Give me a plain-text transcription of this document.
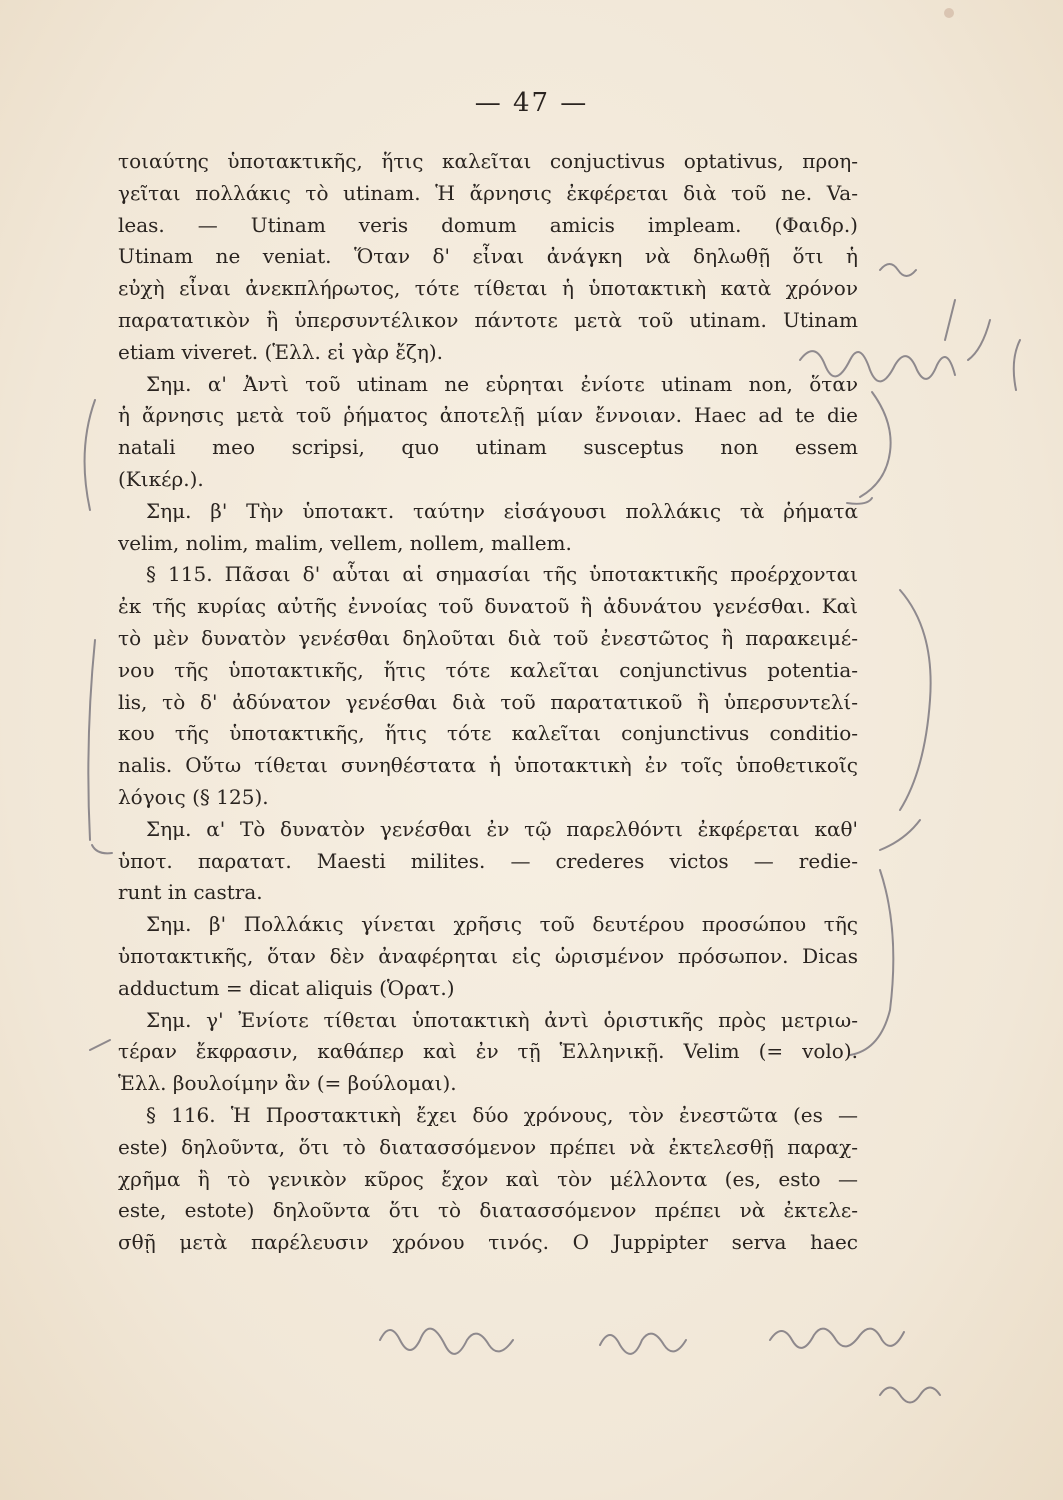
— 47 —
τοιαύτης ὑποτακτικῆς, ἥτις καλεῖται conjuctivus optativus, προη-
γεῖται πολλάκις τὸ utinam. Ἡ ἄρνησις ἐκφέρεται διὰ τοῦ ne. Va-
leas. — Utinam veris domum amicis impleam. (Φαιδρ.)
Utinam ne veniat. Ὅταν δ' εἶναι ἀνάγκη νὰ δηλωθῇ ὅτι ἡ
εὐχὴ εἶναι ἀνεκπλήρωτος, τότε τίθεται ἡ ὑποτακτικὴ κατὰ χρόνον
παρατατικὸν ἢ ὑπερσυντέλικον πάντοτε μετὰ τοῦ utinam. Utinam
etiam viveret. (Ἑλλ. εἰ γὰρ ἔζη).
Σημ. α' Ἀντὶ τοῦ utinam ne εὑρηται ἐνίοτε utinam non, ὅταν
ἡ ἄρνησις μετὰ τοῦ ῥήματος ἀποτελῇ μίαν ἔννοιαν. Haec ad te die
natali meo scripsi, quo utinam susceptus non essem
(Κικέρ.).
Σημ. β' Τὴν ὑποτακτ. ταύτην εἰσάγουσι πολλάκις τὰ ῥήματα
velim, nolim, malim, vellem, nollem, mallem.
§ 115. Πᾶσαι δ' αὗται αἱ σημασίαι τῆς ὑποτακτικῆς προέρχονται
ἐκ τῆς κυρίας αὐτῆς ἐννοίας τοῦ δυνατοῦ ἢ ἀδυνάτου γενέσθαι. Καὶ
τὸ μὲν δυνατὸν γενέσθαι δηλοῦται διὰ τοῦ ἐνεστῶτος ἢ παρακειμέ-
νου τῆς ὑποτακτικῆς, ἥτις τότε καλεῖται conjunctivus potentia-
lis, τὸ δ' ἀδύνατον γενέσθαι διὰ τοῦ παρατατικοῦ ἢ ὑπερσυντελί-
κου τῆς ὑποτακτικῆς, ἥτις τότε καλεῖται conjunctivus conditio-
nalis. Οὕτω τίθεται συνηθέστατα ἡ ὑποτακτικὴ ἐν τοῖς ὑποθετικοῖς
λόγοις (§ 125).
Σημ. α' Τὸ δυνατὸν γενέσθαι ἐν τῷ παρελθόντι ἐκφέρεται καθ'
ὑποτ. παρατατ. Maesti milites. — crederes victos — redie-
runt in castra.
Σημ. β' Πολλάκις γίνεται χρῆσις τοῦ δευτέρου προσώπου τῆς
ὑποτακτικῆς, ὅταν δὲν ἀναφέρηται εἰς ὡρισμένον πρόσωπον. Dicas
adductum = dicat aliquis (Ὁρατ.)
Σημ. γ' Ἐνίοτε τίθεται ὑποτακτικὴ ἀντὶ ὁριστικῆς πρὸς μετριω-
τέραν ἔκφρασιν, καθάπερ καὶ ἐν τῇ Ἑλληνικῇ. Velim (= volo).
Ἑλλ. βουλοίμην ἂν (= βούλομαι).
§ 116. Ἡ Προστακτικὴ ἔχει δύο χρόνους, τὸν ἐνεστῶτα (es —
este) δηλοῦντα, ὅτι τὸ διατασσόμενον πρέπει νὰ ἐκτελεσθῇ παραχ-
χρῆμα ἢ τὸ γενικὸν κῦρος ἔχον καὶ τὸν μέλλοντα (es, esto —
este, estote) δηλοῦντα ὅτι τὸ διατασσόμενον πρέπει νὰ ἐκτελε-
σθῇ μετὰ παρέλευσιν χρόνου τινός. O Juppipter serva haec
